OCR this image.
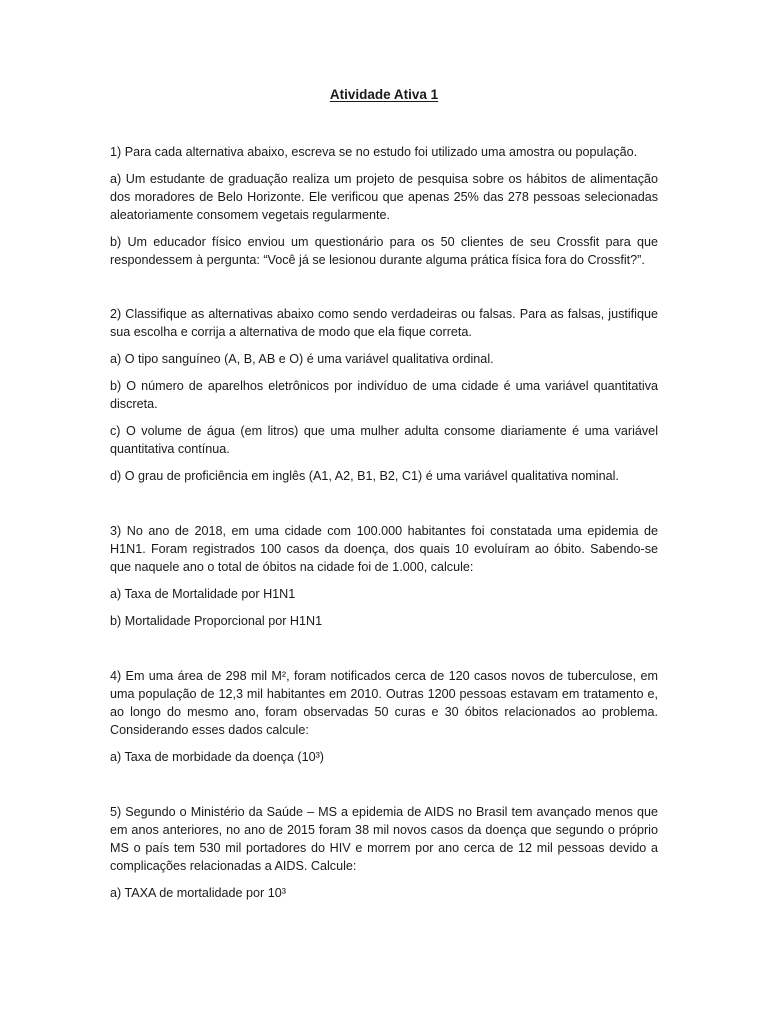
Atividade Ativa 1
1) Para cada alternativa abaixo, escreva se no estudo foi utilizado uma amostra ou população.
a) Um estudante de graduação realiza um projeto de pesquisa sobre os hábitos de alimentação dos moradores de Belo Horizonte. Ele verificou que apenas 25% das 278 pessoas selecionadas aleatoriamente consomem vegetais regularmente.
b) Um educador físico enviou um questionário para os 50 clientes de seu Crossfit para que respondessem à pergunta: “Você já se lesionou durante alguma prática física fora do Crossfit?”.
2) Classifique as alternativas abaixo como sendo verdadeiras ou falsas. Para as falsas, justifique sua escolha e corrija a alternativa de modo que ela fique correta.
a) O tipo sanguíneo (A, B, AB e O) é uma variável qualitativa ordinal.
b) O número de aparelhos eletrônicos por indivíduo de uma cidade é uma variável quantitativa discreta.
c) O volume de água (em litros) que uma mulher adulta consome diariamente é uma variável quantitativa contínua.
d) O grau de proficiência em inglês (A1, A2, B1, B2, C1) é uma variável qualitativa nominal.
3) No ano de 2018, em uma cidade com 100.000 habitantes foi constatada uma epidemia de H1N1. Foram registrados 100 casos da doença, dos quais 10 evoluíram ao óbito. Sabendo-se que naquele ano o total de óbitos na cidade foi de 1.000, calcule:
a) Taxa de Mortalidade por H1N1
b) Mortalidade Proporcional por H1N1
4) Em uma área de 298 mil M², foram notificados cerca de 120 casos novos de tuberculose, em uma população de 12,3 mil habitantes em 2010. Outras 1200 pessoas estavam em tratamento e, ao longo do mesmo ano, foram observadas 50 curas e 30 óbitos relacionados ao problema. Considerando esses dados calcule:
a) Taxa de morbidade da doença (10³)
5) Segundo o Ministério da Saúde – MS a epidemia de AIDS no Brasil tem avançado menos que em anos anteriores, no ano de 2015 foram 38 mil novos casos da doença que segundo o próprio MS o país tem 530 mil portadores do HIV e morrem por ano cerca de 12 mil pessoas devido a complicações relacionadas a AIDS. Calcule:
a) TAXA de mortalidade por 10³
